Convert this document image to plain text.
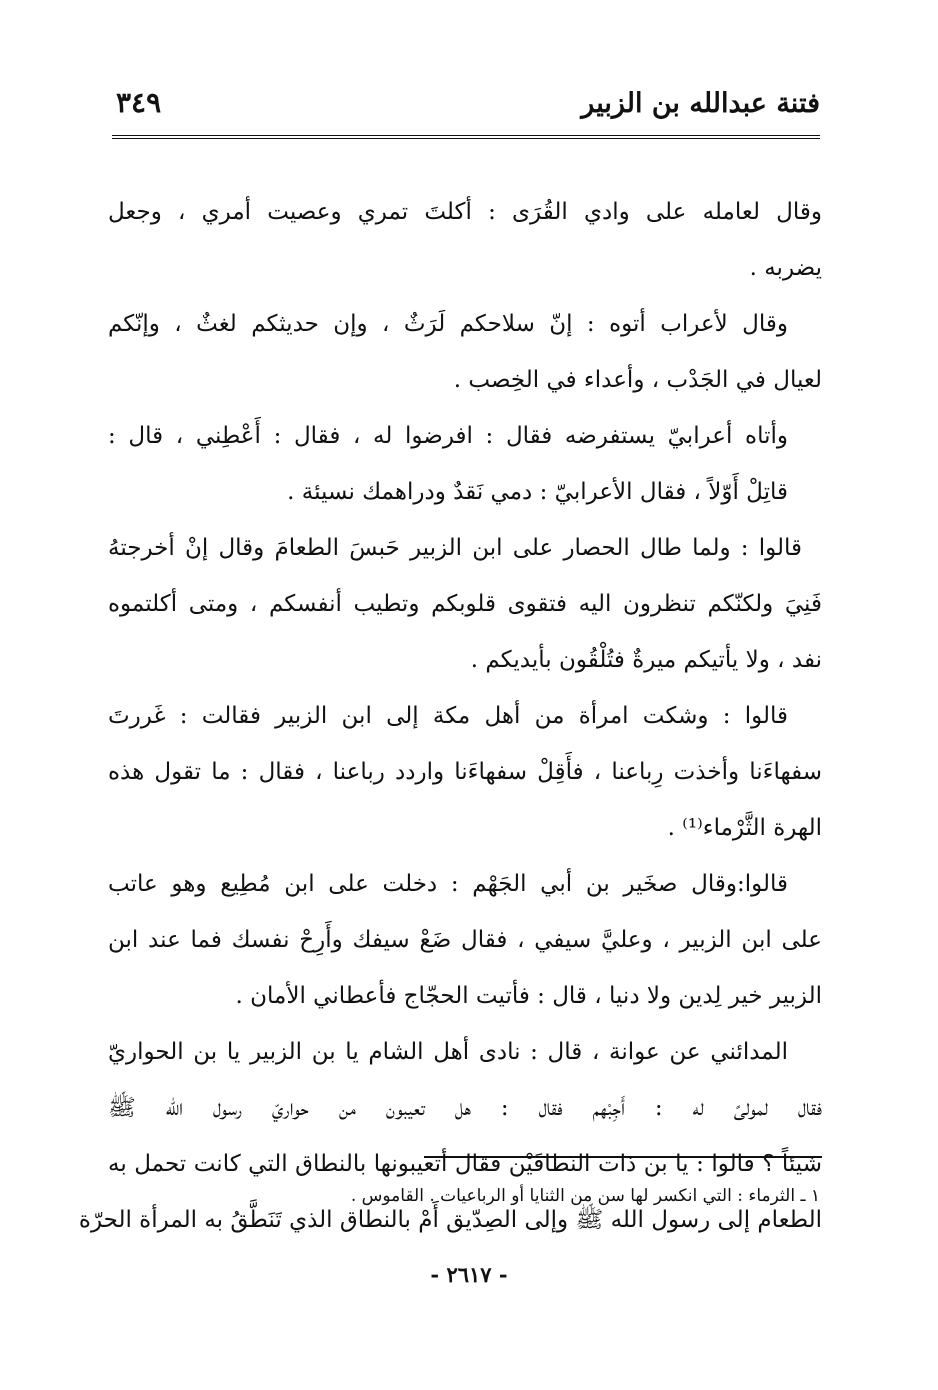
فتنة عبدالله بن الزبير
٣٤٩
وقال لعامله على وادي القُرَى : أكلتَ تمري وعصيت أمري ، وجعل
يضربه .
وقال لأعراب أتوه : إنّ سلاحكم لَرَثٌ ، وإن حديثكم لغثٌ ، وإنّكم
لعيال في الجَدْب ، وأعداء في الخِصب .
وأتاه أعرابيّ يستفرضه فقال : افرضوا له ، فقال : أَعْطِني ، قال :
قاتِلْ أَوّلاً ، فقال الأعرابيّ : دمي نَقدٌ ودراهمك نسيئة .
قالوا : ولما طال الحصار على ابن الزبير حَبسَ الطعامَ وقال إنْ أخرجتهُ
فَنِيَ ولكنّكم تنظرون اليه فتقوى قلوبكم وتطيب أنفسكم ، ومتى أكلتموه
نفد ، ولا يأتيكم ميرةٌ فتُلْقُون بأيديكم .
قالوا : وشكت امرأة من أهل مكة إلى ابن الزبير فقالت : غَررتَ
سفهاءَنا وأخذت رِباعنا ، فأَقِلْ سفهاءَنا واردد رباعنا ، فقال : ما تقول هذه
الهرة الثَّرْماء⁽¹⁾ .
قالوا:وقال صخَير بن أبي الجَهْم : دخلت على ابن مُطِيع وهو عاتب
على ابن الزبير ، وعليَّ سيفي ، فقال ضَعْ سيفك وأَرِحْ نفسك فما عند ابن
الزبير خير لِدين ولا دنيا ، قال : فأتيت الحجّاج فأعطاني الأمان .
المدائني عن عوانة ، قال : نادى أهل الشام يا بن الزبير يا بن الحواريّ
فقال لمولىً له : أَجِبْهم فقال : هل تعيبون من حواريّ رسول الله ﷺ
شيئاً ؟ قالوا : يا بن ذات النطاقَيْن فقال أتعيبونها بالنطاق التي كانت تحمل به
الطعام إلى رسول الله ﷺ وإلى الصِدّيق أَمْ بالنطاق الذي تَنَطَّقُ به المرأة الحرّة
١ ـ الثرماء : التي انكسر لها سن من الثنايا أو الرباعيات . القاموس .
- ٢٦١٧ -
